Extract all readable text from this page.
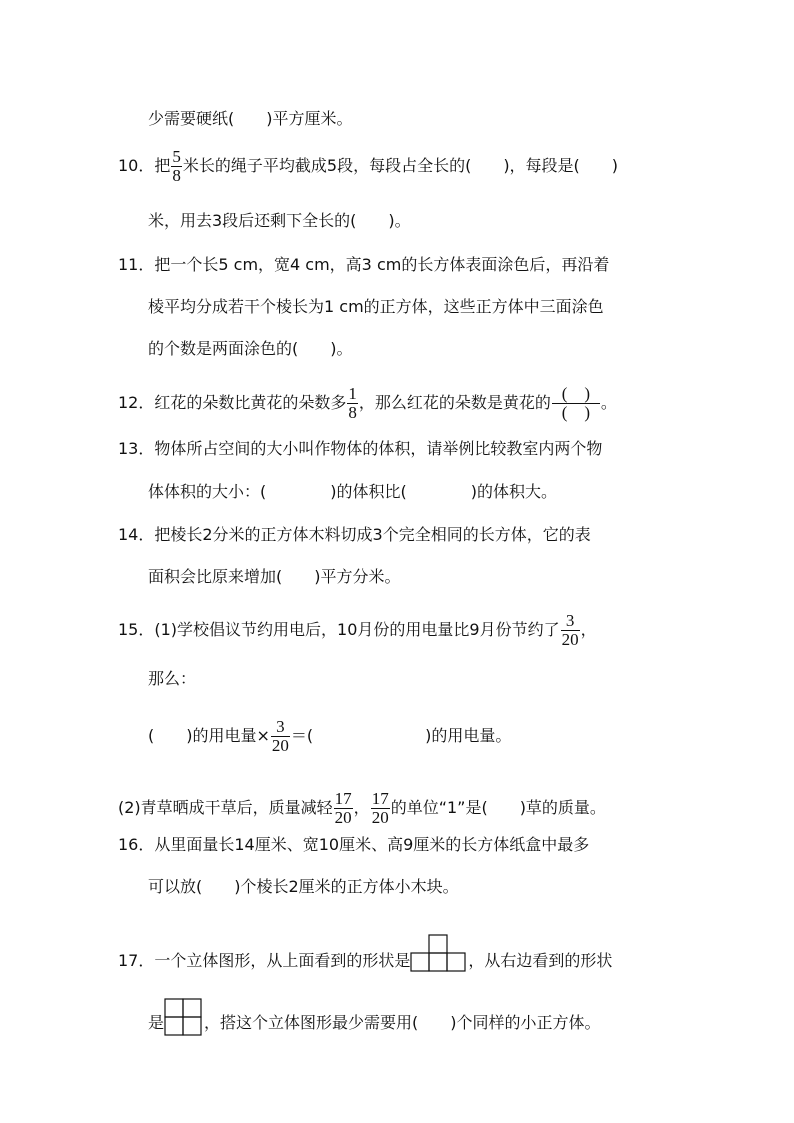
少需要硬纸(　　)平方厘米。
10．把 $\frac{5}{8}$ 米长的绳子平均截成5段，每段占全长的(　　)，每段是(　　)
米，用去3段后还剩下全长的(　　)。
11．把一个长5 cm，宽4 cm，高3 cm的长方体表面涂色后，再沿着
棱平均分成若干个棱长为1 cm的正方体，这些正方体中三面涂色
的个数是两面涂色的(　　)。
12．红花的朵数比黄花的朵数多 $\frac{1}{8}$ ，那么红花的朵数是黄花的 $\frac{( )}{( )}$ 。
13．物体所占空间的大小叫作物体的体积，请举例比较教室内两个物
体体积的大小：(　　　　)的体积比(　　　　)的体积大。
14．把棱长2分米的正方体木料切成3个完全相同的长方体，它的表
面积会比原来增加(　　)平方分米。
15．(1)学校倡议节约用电后，10月份的用电量比9月份节约了 $\frac{3}{20}$ ，
那么：
(　　)的用电量× $\frac{3}{20}$ ＝(　　　　　　　)的用电量。
(2)青草晒成干草后，质量减轻 $\frac{17}{20}$ ， $\frac{17}{20}$ 的单位“1”是(　　)草的质量。
16．从里面量长14厘米、宽10厘米、高9厘米的长方体纸盒中最多
可以放(　　)个棱长2厘米的正方体小木块。
17．一个立体图形，从上面看到的形状是	，从右边看到的形状
是	，搭这个立体图形最少需要用(　　)个同样的小正方体。
